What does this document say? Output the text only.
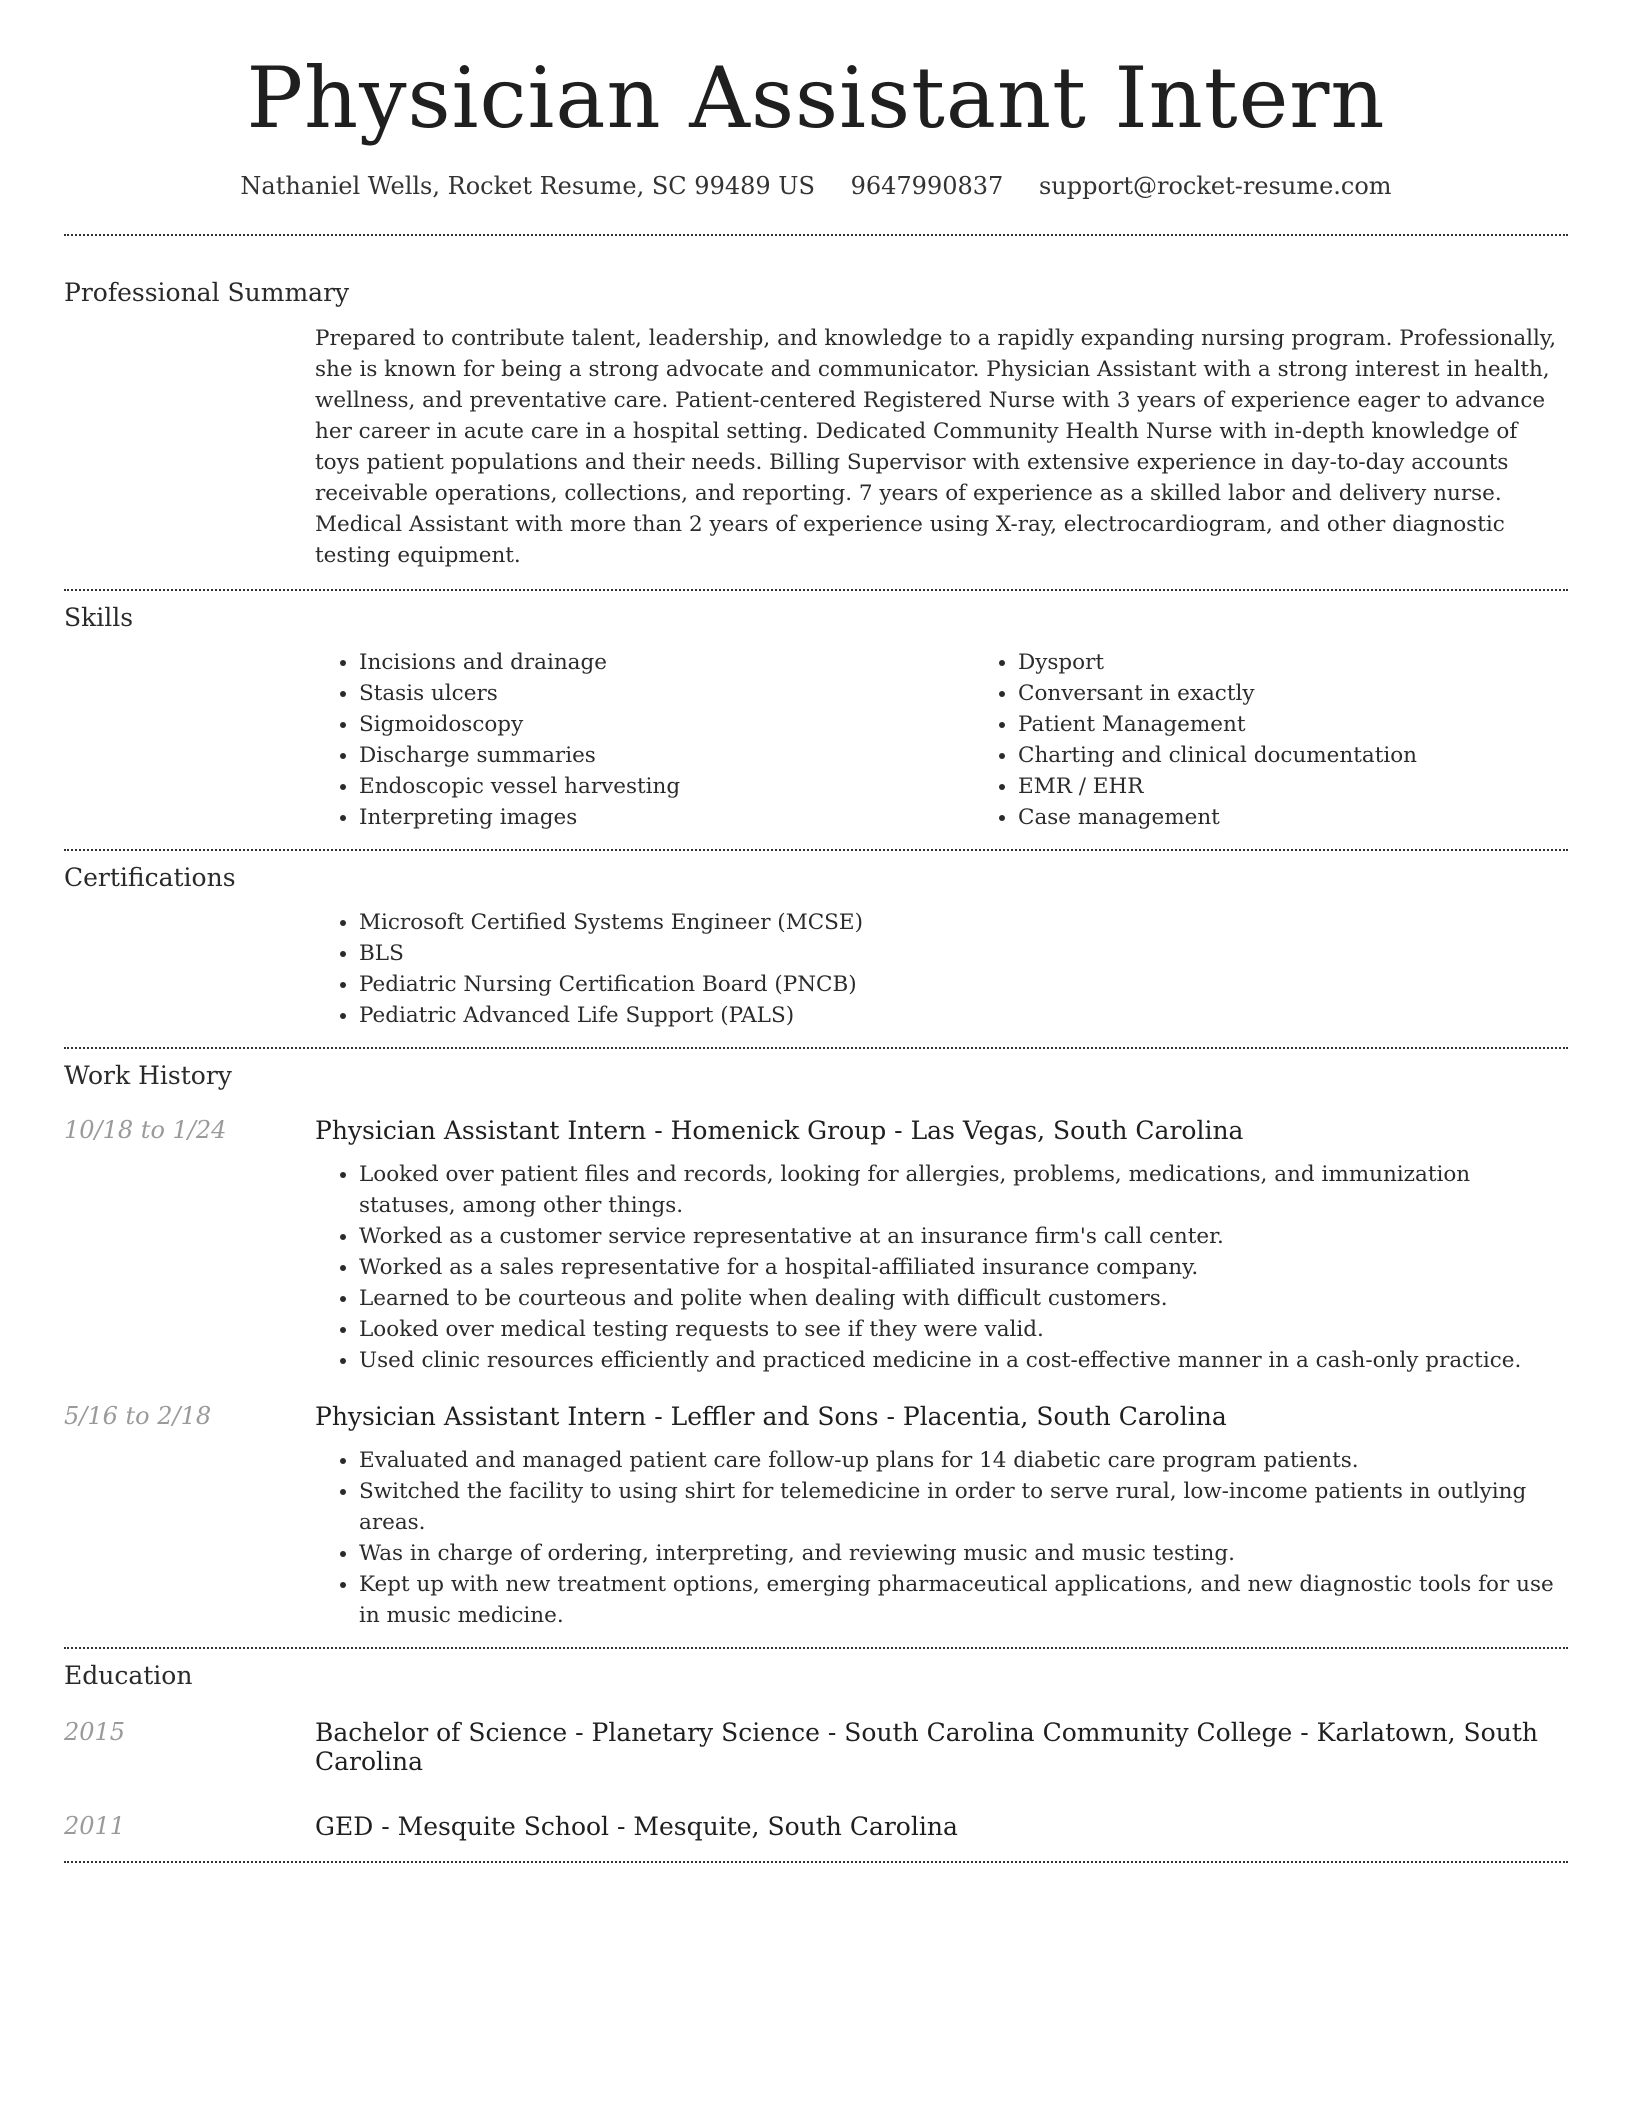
Physician Assistant Intern
Nathaniel Wells, Rocket Resume, SC 99489 US 9647990837 support@rocket-resume.com
Professional Summary

Prepared to contribute talent, leadership, and knowledge to a rapidly expanding nursing program. Professionally, she is known for being a strong advocate and communicator. Physician Assistant with a strong interest in health, wellness, and preventative care. Patient-centered Registered Nurse with 3 years of experience eager to advance her career in acute care in a hospital setting. Dedicated Community Health Nurse with in-depth knowledge of toys patient populations and their needs. Billing Supervisor with extensive experience in day-to-day accounts receivable operations, collections, and reporting. 7 years of experience as a skilled labor and delivery nurse. Medical Assistant with more than 2 years of experience using X-ray, electrocardiogram, and other diagnostic testing equipment.

Skills
• Incisions and drainage
• Stasis ulcers
• Sigmoidoscopy
• Discharge summaries
• Endoscopic vessel harvesting
• Interpreting images
• Dysport
• Conversant in exactly
• Patient Management
• Charting and clinical documentation
• EMR / EHR
• Case management
Certifications
• Microsoft Certified Systems Engineer (MCSE)
• BLS
• Pediatric Nursing Certification Board (PNCB)
• Pediatric Advanced Life Support (PALS)
Work History
10/18 to 1/24	Physician Assistant Intern - Homenick Group - Las Vegas, South Carolina
• Looked over patient files and records, looking for allergies, problems, medications, and immunization statuses, among other things.
• Worked as a customer service representative at an insurance firm's call center.
• Worked as a sales representative for a hospital-affiliated insurance company.
• Learned to be courteous and polite when dealing with difficult customers.
• Looked over medical testing requests to see if they were valid.
• Used clinic resources efficiently and practiced medicine in a cost-effective manner in a cash-only practice.
5/16 to 2/18	Physician Assistant Intern - Leffler and Sons - Placentia, South Carolina
• Evaluated and managed patient care follow-up plans for 14 diabetic care program patients.
• Switched the facility to using shirt for telemedicine in order to serve rural, low-income patients in outlying areas.
• Was in charge of ordering, interpreting, and reviewing music and music testing.
• Kept up with new treatment options, emerging pharmaceutical applications, and new diagnostic tools for use in music medicine.
Education
2015	Bachelor of Science - Planetary Science - South Carolina Community College - Karlatown, South Carolina
2011	GED - Mesquite School - Mesquite, South Carolina
